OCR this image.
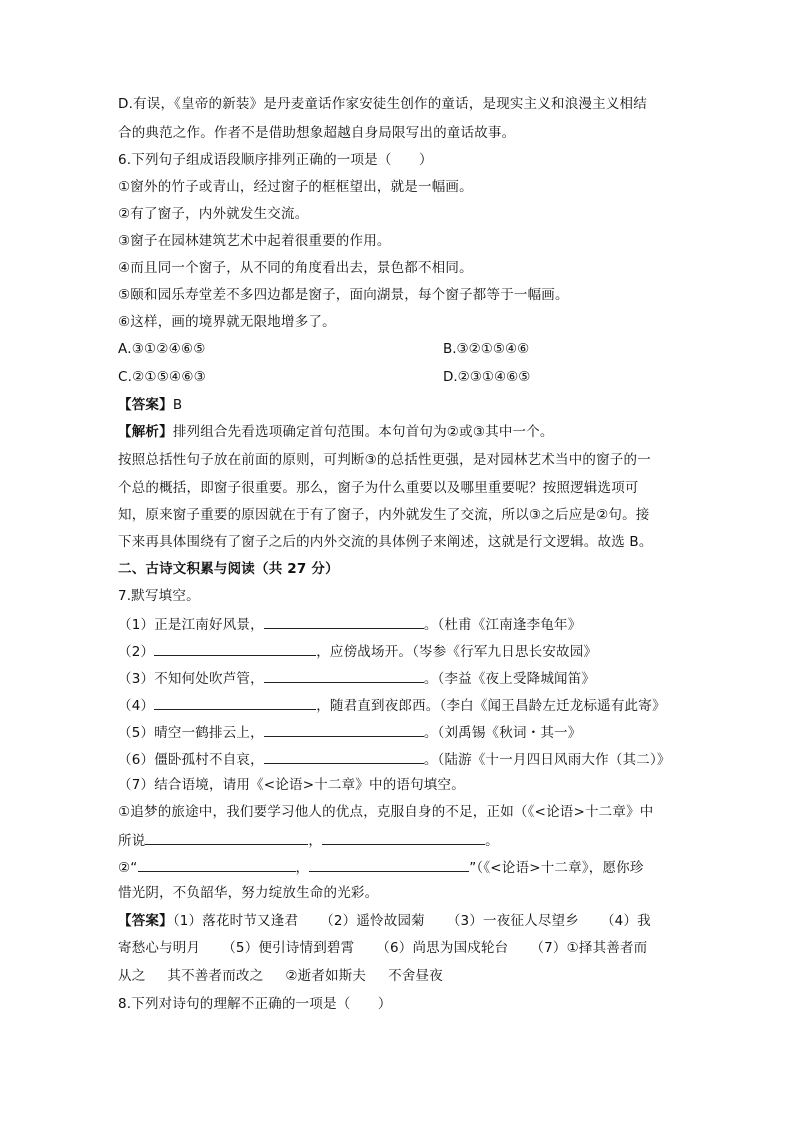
D.有误，《皇帝的新装》是丹麦童话作家安徒生创作的童话，是现实主义和浪漫主义相结
合的典范之作。作者不是借助想象超越自身局限写出的童话故事。
6.下列句子组成语段顺序排列正确的一项是（　　）
①窗外的竹子或青山，经过窗子的框框望出，就是一幅画。
②有了窗子，内外就发生交流。
③窗子在园林建筑艺术中起着很重要的作用。
④而且同一个窗子，从不同的角度看出去，景色都不相同。
⑤颐和园乐寿堂差不多四边都是窗子，面向湖景，每个窗子都等于一幅画。
⑥这样，画的境界就无限地增多了。
A.③①②④⑥⑤	B.③②①⑤④⑥
C.②①⑤④⑥③	D.②③①④⑥⑤
【答案】B
【解析】排列组合先看选项确定首句范围。本句首句为②或③其中一个。
按照总括性句子放在前面的原则，可判断③的总括性更强，是对园林艺术当中的窗子的一
个总的概括，即窗子很重要。那么，窗子为什么重要以及哪里重要呢？按照逻辑选项可
知，原来窗子重要的原因就在于有了窗子，内外就发生了交流，所以③之后应是②句。接
下来再具体围绕有了窗子之后的内外交流的具体例子来阐述，这就是行文逻辑。故选 B。
二、古诗文积累与阅读（共 27 分）
7.默写填空。
（1）正是江南好风景，	。（杜甫《江南逢李龟年》
（2）	，应傍战场开。（岑参《行军九日思长安故园》
（3）不知何处吹芦管，	。（李益《夜上受降城闻笛》
（4）	，随君直到夜郎西。（李白《闻王昌龄左迁龙标遥有此寄》
（5）晴空一鹤排云上，	。（刘禹锡《秋词・其一》
（6）僵卧孤村不自哀，	。（陆游《十一月四日风雨大作（其二）》
（7）结合语境，请用《<论语>十二章》中的语句填空。
①追梦的旅途中，我们要学习他人的优点，克服自身的不足，正如（《<论语>十二章》中
所说	，	。
②“	，	”（《<论语>十二章》，愿你珍
惜光阴，不负韶华，努力绽放生命的光彩。
【答案】（1）落花时节又逢君 （2）遥怜故园菊 （3）一夜征人尽望乡 （4）我
寄愁心与明月 （5）便引诗情到碧霄 （6）尚思为国戍轮台 （7）①择其善者而
从之 其不善者而改之 ②逝者如斯夫 不舍昼夜
8.下列对诗句的理解不正确的一项是（　　）
